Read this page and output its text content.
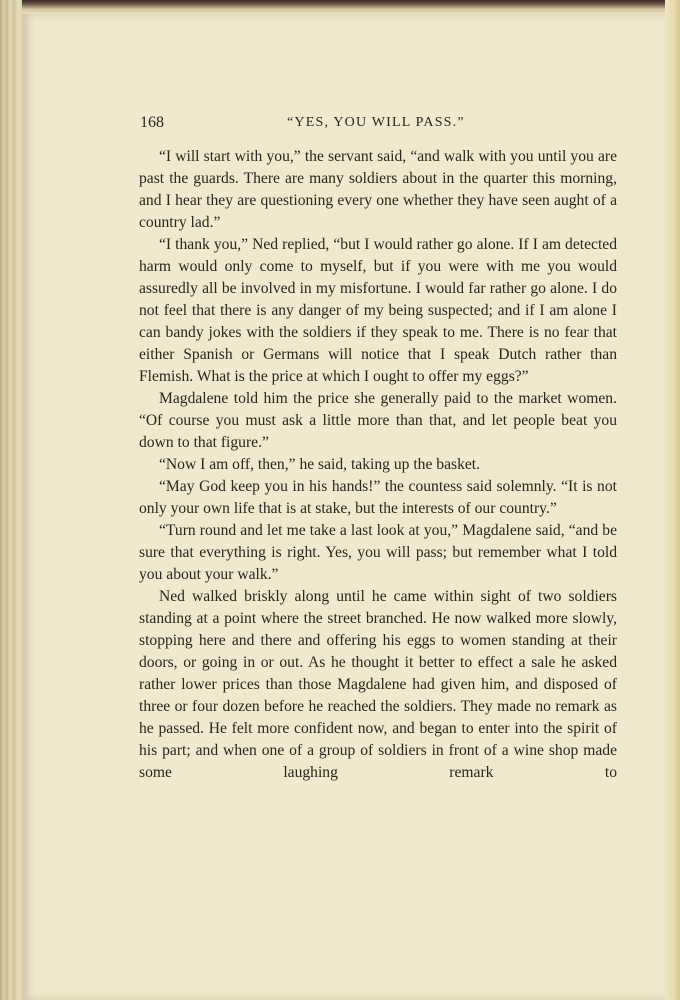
168	“YES, YOU WILL PASS.”

“I will start with you,” the servant said, “and walk with you until you are past the guards. There are many soldiers about in the quarter this morning, and I hear they are questioning every one whether they have seen aught of a country lad.”

“I thank you,” Ned replied, “but I would rather go alone. If I am detected harm would only come to myself, but if you were with me you would assuredly all be involved in my misfortune. I would far rather go alone. I do not feel that there is any danger of my being suspected; and if I am alone I can bandy jokes with the soldiers if they speak to me. There is no fear that either Spanish or Germans will notice that I speak Dutch rather than Flemish. What is the price at which I ought to offer my eggs?”

Magdalene told him the price she generally paid to the market women. “Of course you must ask a little more than that, and let people beat you down to that figure.”

“Now I am off, then,” he said, taking up the basket.

“May God keep you in his hands!” the countess said solemnly. “It is not only your own life that is at stake, but the interests of our country.”

“Turn round and let me take a last look at you,” Magdalene said, “and be sure that everything is right. Yes, you will pass; but remember what I told you about your walk.”

Ned walked briskly along until he came within sight of two soldiers standing at a point where the street branched. He now walked more slowly, stopping here and there and offering his eggs to women standing at their doors, or going in or out. As he thought it better to effect a sale he asked rather lower prices than those Magdalene had given him, and disposed of three or four dozen before he reached the soldiers. They made no remark as he passed. He felt more confident now, and began to enter into the spirit of his part; and when one of a group of soldiers in front of a wine shop made some laughing remark to
